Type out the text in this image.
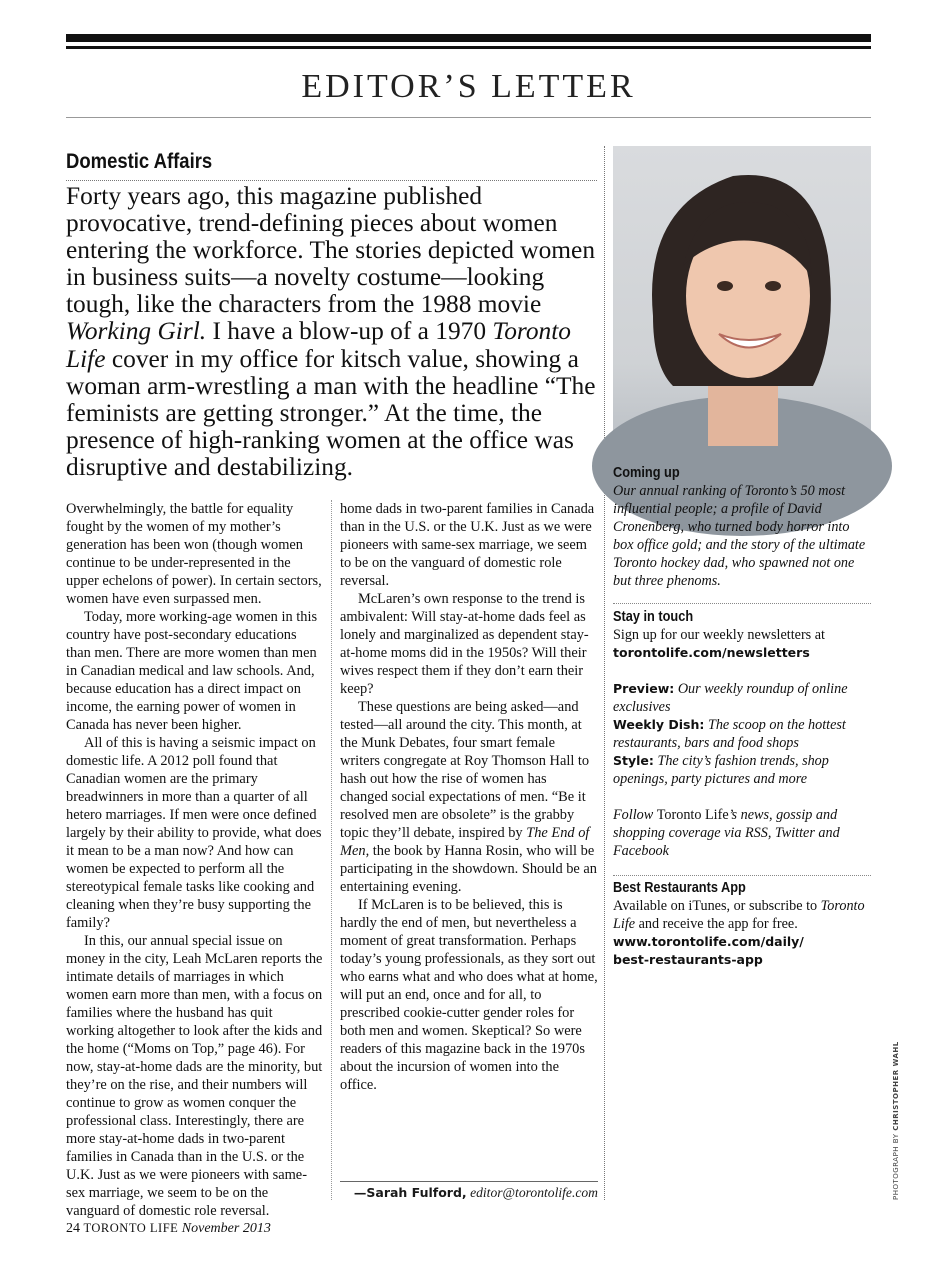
EDITOR’S LETTER
Domestic Affairs

Forty years ago, this magazine published provocative, trend-defining pieces about women entering the workforce. The stories depicted women in business suits—a novelty costume—looking tough, like the characters from the 1988 movie Working Girl. I have a blow-up of a 1970 Toronto Life cover in my office for kitsch value, showing a woman arm-wrestling a man with the headline “The feminists are getting stronger.” At the time, the presence of high-ranking women at the office was disruptive and destabilizing.

Overwhelmingly, the battle for equality fought by the women of my mother’s generation has been won (though women continue to be under-represented in the upper echelons of power). In certain sectors, women have even surpassed men.

Today, more working-age women in this country have post-secondary educations than men. There are more women than men in Canadian medical and law schools. And, because education has a direct impact on income, the earning power of women in Canada has never been higher.

All of this is having a seismic impact on domestic life. A 2012 poll found that Canadian women are the primary breadwinners in more than a quarter of all hetero marriages. If men were once defined largely by their ability to provide, what does it mean to be a man now? And how can women be expected to perform all the stereotypical female tasks like cooking and cleaning when they’re busy supporting the family?

In this, our annual special issue on money in the city, Leah McLaren reports the intimate details of marriages in which women earn more than men, with a focus on families where the husband has quit working altogether to look after the kids and the home (“Moms on Top,” page 46). For now, stay-at-home dads are the minority, but they’re on the rise, and their numbers will continue to grow as women conquer the professional class. Interestingly, there are more stay-at-home dads in two-parent families in Canada than in the U.S. or the U.K. Just as we were pioneers with same-sex marriage, we seem to be on the vanguard of domestic role reversal.

home dads in two-parent families in Canada than in the U.S. or the U.K. Just as we were pioneers with same-sex marriage, we seem to be on the vanguard of domestic role reversal.

McLaren’s own response to the trend is ambivalent: Will stay-at-home dads feel as lonely and marginalized as dependent stay-at-home moms did in the 1950s? Will their wives respect them if they don’t earn their keep?

These questions are being asked—and tested—all around the city. This month, at the Munk Debates, four smart female writers congregate at Roy Thomson Hall to hash out how the rise of women has changed social expectations of men. “Be it resolved men are obsolete” is the grabby topic they’ll debate, inspired by The End of Men, the book by Hanna Rosin, who will be participating in the showdown. Should be an entertaining evening.

If McLaren is to be believed, this is hardly the end of men, but nevertheless a moment of great transformation. Perhaps today’s young professionals, as they sort out who earns what and who does what at home, will put an end, once and for all, to prescribed cookie-cutter gender roles for both men and women. Skeptical? So were readers of this magazine back in the 1970s about the incursion of women into the office.

—Sarah Fulford, editor@torontolife.com
Coming up

Our annual ranking of Toronto’s 50 most influential people; a profile of David Cronenberg, who turned body horror into box office gold; and the story of the ultimate Toronto hockey dad, who spawned not one but three phenoms.

Stay in touch

Sign up for our weekly newsletters at torontolife.com/newsletters

Preview: Our weekly roundup of online exclusives

Weekly Dish: The scoop on the hottest restaurants, bars and food shops

Style: The city’s fashion trends, shop openings, party pictures and more

Follow Toronto Life’s news, gossip and shopping coverage via RSS, Twitter and Facebook

Best Restaurants App

Available on iTunes, or subscribe to Toronto Life and receive the app for free.

www.torontolife.com/daily/

best-restaurants-app

PHOTOGRAPH BY CHRISTOPHER WAHL
24 TORONTO LIFE November 2013
